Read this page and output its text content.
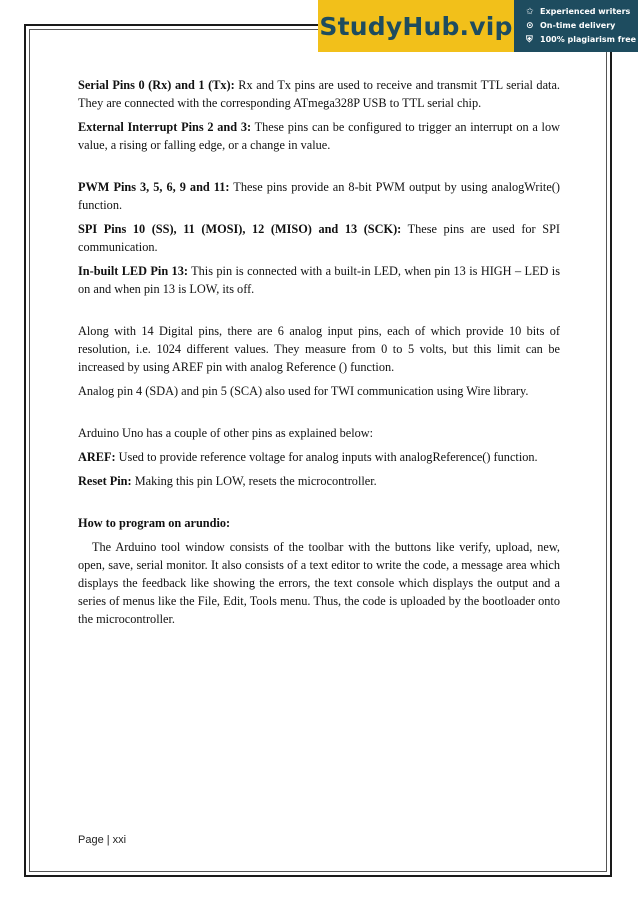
StudyHub.vip ✩ Experienced writers
⊙ On-time delivery
⛨ 100% plagiarism free

Serial Pins 0 (Rx) and 1 (Tx): Rx and Tx pins are used to receive and transmit TTL serial data. They are connected with the corresponding ATmega328P USB to TTL serial chip.

External Interrupt Pins 2 and 3: These pins can be configured to trigger an interrupt on a low value, a rising or falling edge, or a change in value.

PWM Pins 3, 5, 6, 9 and 11: These pins provide an 8-bit PWM output by using analogWrite() function.

SPI Pins 10 (SS), 11 (MOSI), 12 (MISO) and 13 (SCK): These pins are used for SPI communication.

In-built LED Pin 13: This pin is connected with a built-in LED, when pin 13 is HIGH – LED is on and when pin 13 is LOW, its off.

Along with 14 Digital pins, there are 6 analog input pins, each of which provide 10 bits of resolution, i.e. 1024 different values. They measure from 0 to 5 volts, but this limit can be increased by using AREF pin with analog Reference () function.

Analog pin 4 (SDA) and pin 5 (SCA) also used for TWI communication using Wire library.

Arduino Uno has a couple of other pins as explained below:

AREF: Used to provide reference voltage for analog inputs with analogReference() function.

Reset Pin: Making this pin LOW, resets the microcontroller.

How to program on arundio:

The Arduino tool window consists of the toolbar with the buttons like verify, upload, new, open, save, serial monitor. It also consists of a text editor to write the code, a message area which displays the feedback like showing the errors, the text console which displays the output and a series of menus like the File, Edit, Tools menu. Thus, the code is uploaded by the bootloader onto the microcontroller.

Page | xxi
